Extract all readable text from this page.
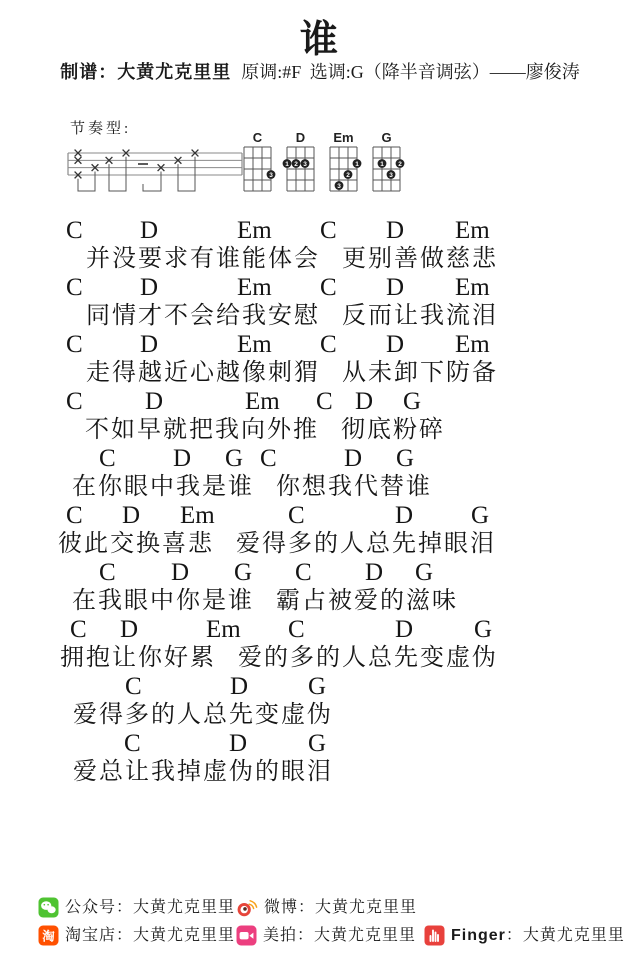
谁
制谱：大黄尤克里里 原调:#F 选调:G（降半音调弦）——廖俊涛
节奏型:
C
3
D
1 2 3
Em
1
2
3
G
1 2
3
C D	Em C D Em
并没要求有谁能体会 更别善做慈悲
C D	Em C D Em
同情才不会给我安慰 反而让我流泪
C D	Em C D Em
走得越近心越像刺猬 从未卸下防备
C D	Em C D G
不如早就把我向外推 彻底粉碎
C D G C	D G
在你眼中我是谁 你想我代替谁
C D Em	C	D G
彼此交换喜悲 爱得多的人总先掉眼泪
C D G C D G
在我眼中你是谁 霸占被爱的滋味
C D	Em C	D G
拥抱让你好累 爱的多的人总先变虚伪
C	D G
爱得多的人总先变虚伪
C	D G
爱总让我掉虚伪的眼泪
公众号：大黄尤克里里 微博：大黄尤克里里
淘 淘宝店：大黄尤克里里 美拍：大黄尤克里里 Finger：大黄尤克里里
